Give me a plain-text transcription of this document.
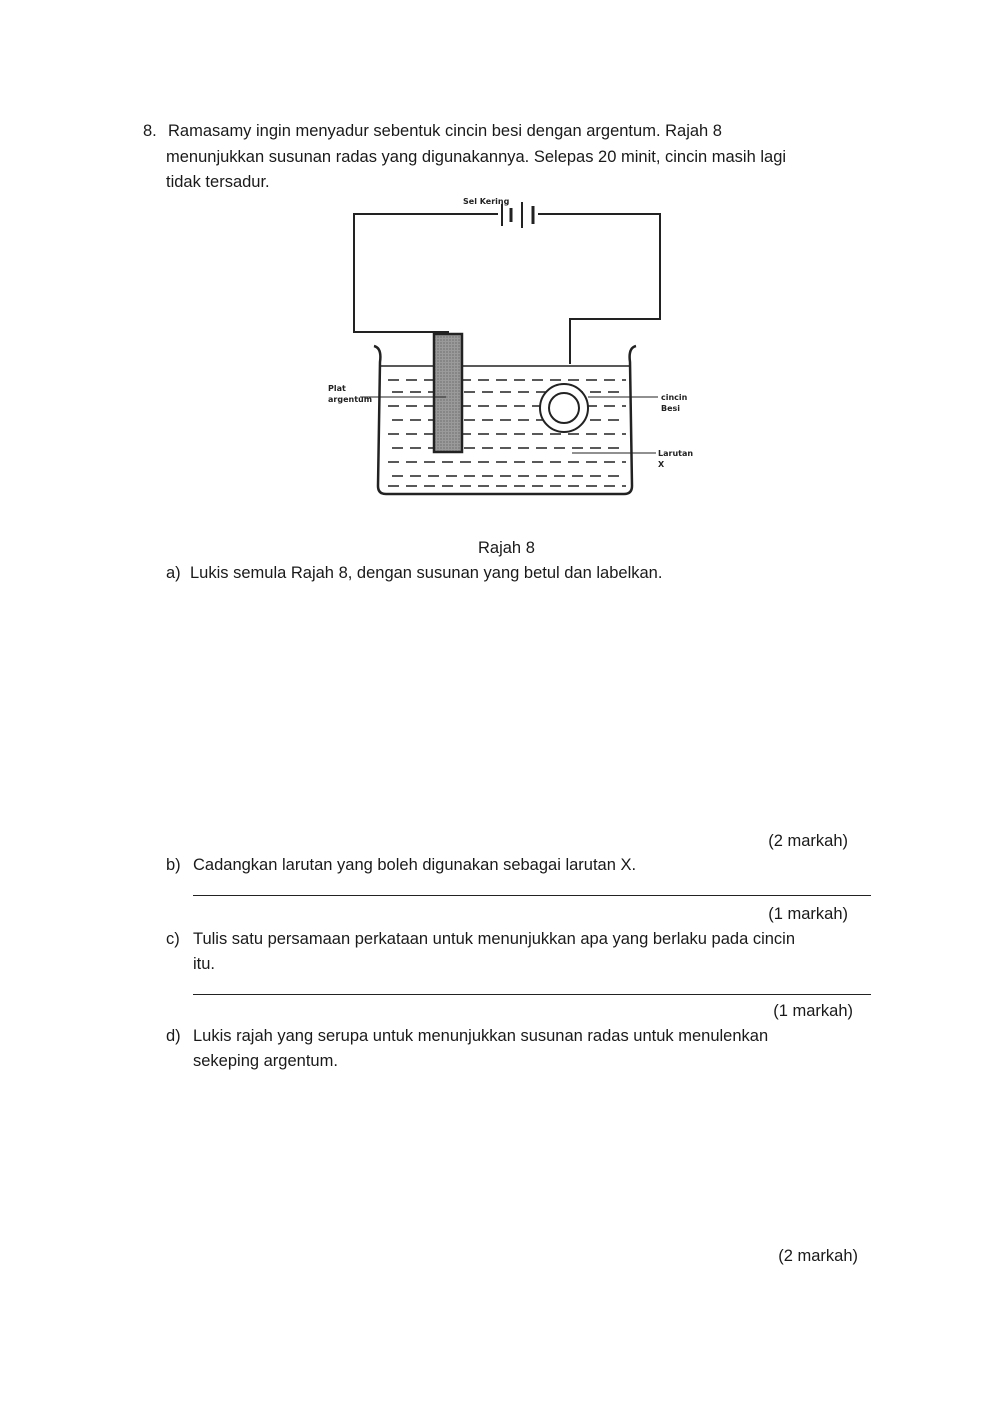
8. Ramasamy ingin menyadur sebentuk cincin besi dengan argentum. Rajah 8
menunjukkan susunan radas yang digunakannya. Selepas 20 minit, cincin masih lagi
tidak tersadur.
Sel Kering
Plat
argentum	cincin
Besi
Larutan
X
Rajah 8
a) Lukis semula Rajah 8, dengan susunan yang betul dan labelkan.
(2 markah)
b) Cadangkan larutan yang boleh digunakan sebagai larutan X.
(1 markah)
c) Tulis satu persamaan perkataan untuk menunjukkan apa yang berlaku pada cincin
itu.
(1 markah)
d) Lukis rajah yang serupa untuk menunjukkan susunan radas untuk menulenkan
sekeping argentum.
(2 markah)
